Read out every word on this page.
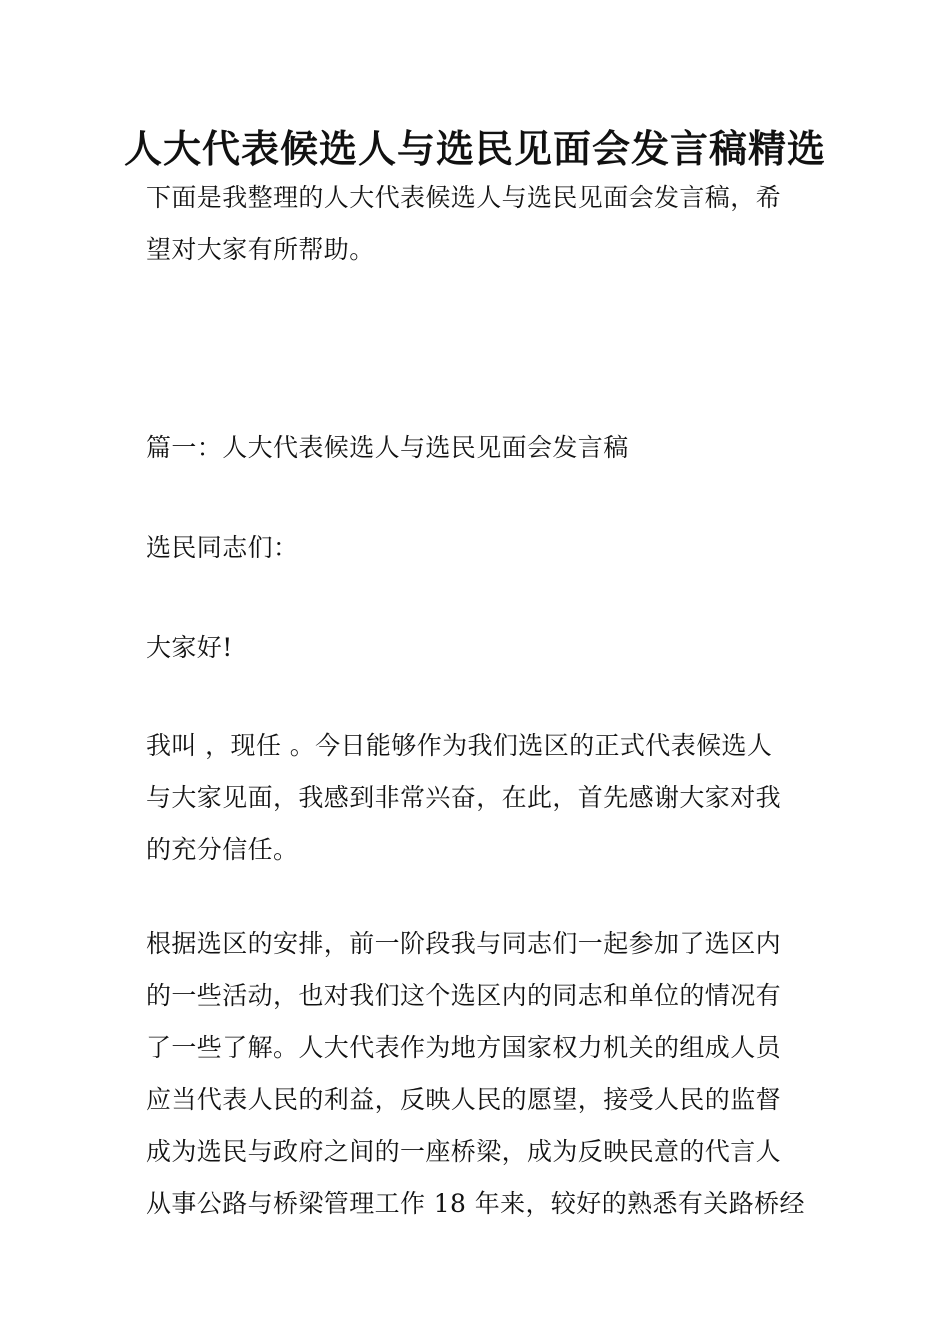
人大代表候选人与选民见面会发言稿精选

下面是我整理的人大代表候选人与选民见面会发言稿，希
望对大家有所帮助。

篇一：人大代表候选人与选民见面会发言稿

选民同志们：

大家好!

我叫 ，现任 。今日能够作为我们选区的正式代表候选人
与大家见面，我感到非常兴奋，在此，首先感谢大家对我
的充分信任。

根据选区的安排，前一阶段我与同志们一起参加了选区内
的一些活动，也对我们这个选区内的同志和单位的情况有
了一些了解。人大代表作为地方国家权力机关的组成人员
应当代表人民的利益，反映人民的愿望，接受人民的监督
成为选民与政府之间的一座桥梁，成为反映民意的代言人
从事公路与桥梁管理工作 18 年来，较好的熟悉有关路桥经
